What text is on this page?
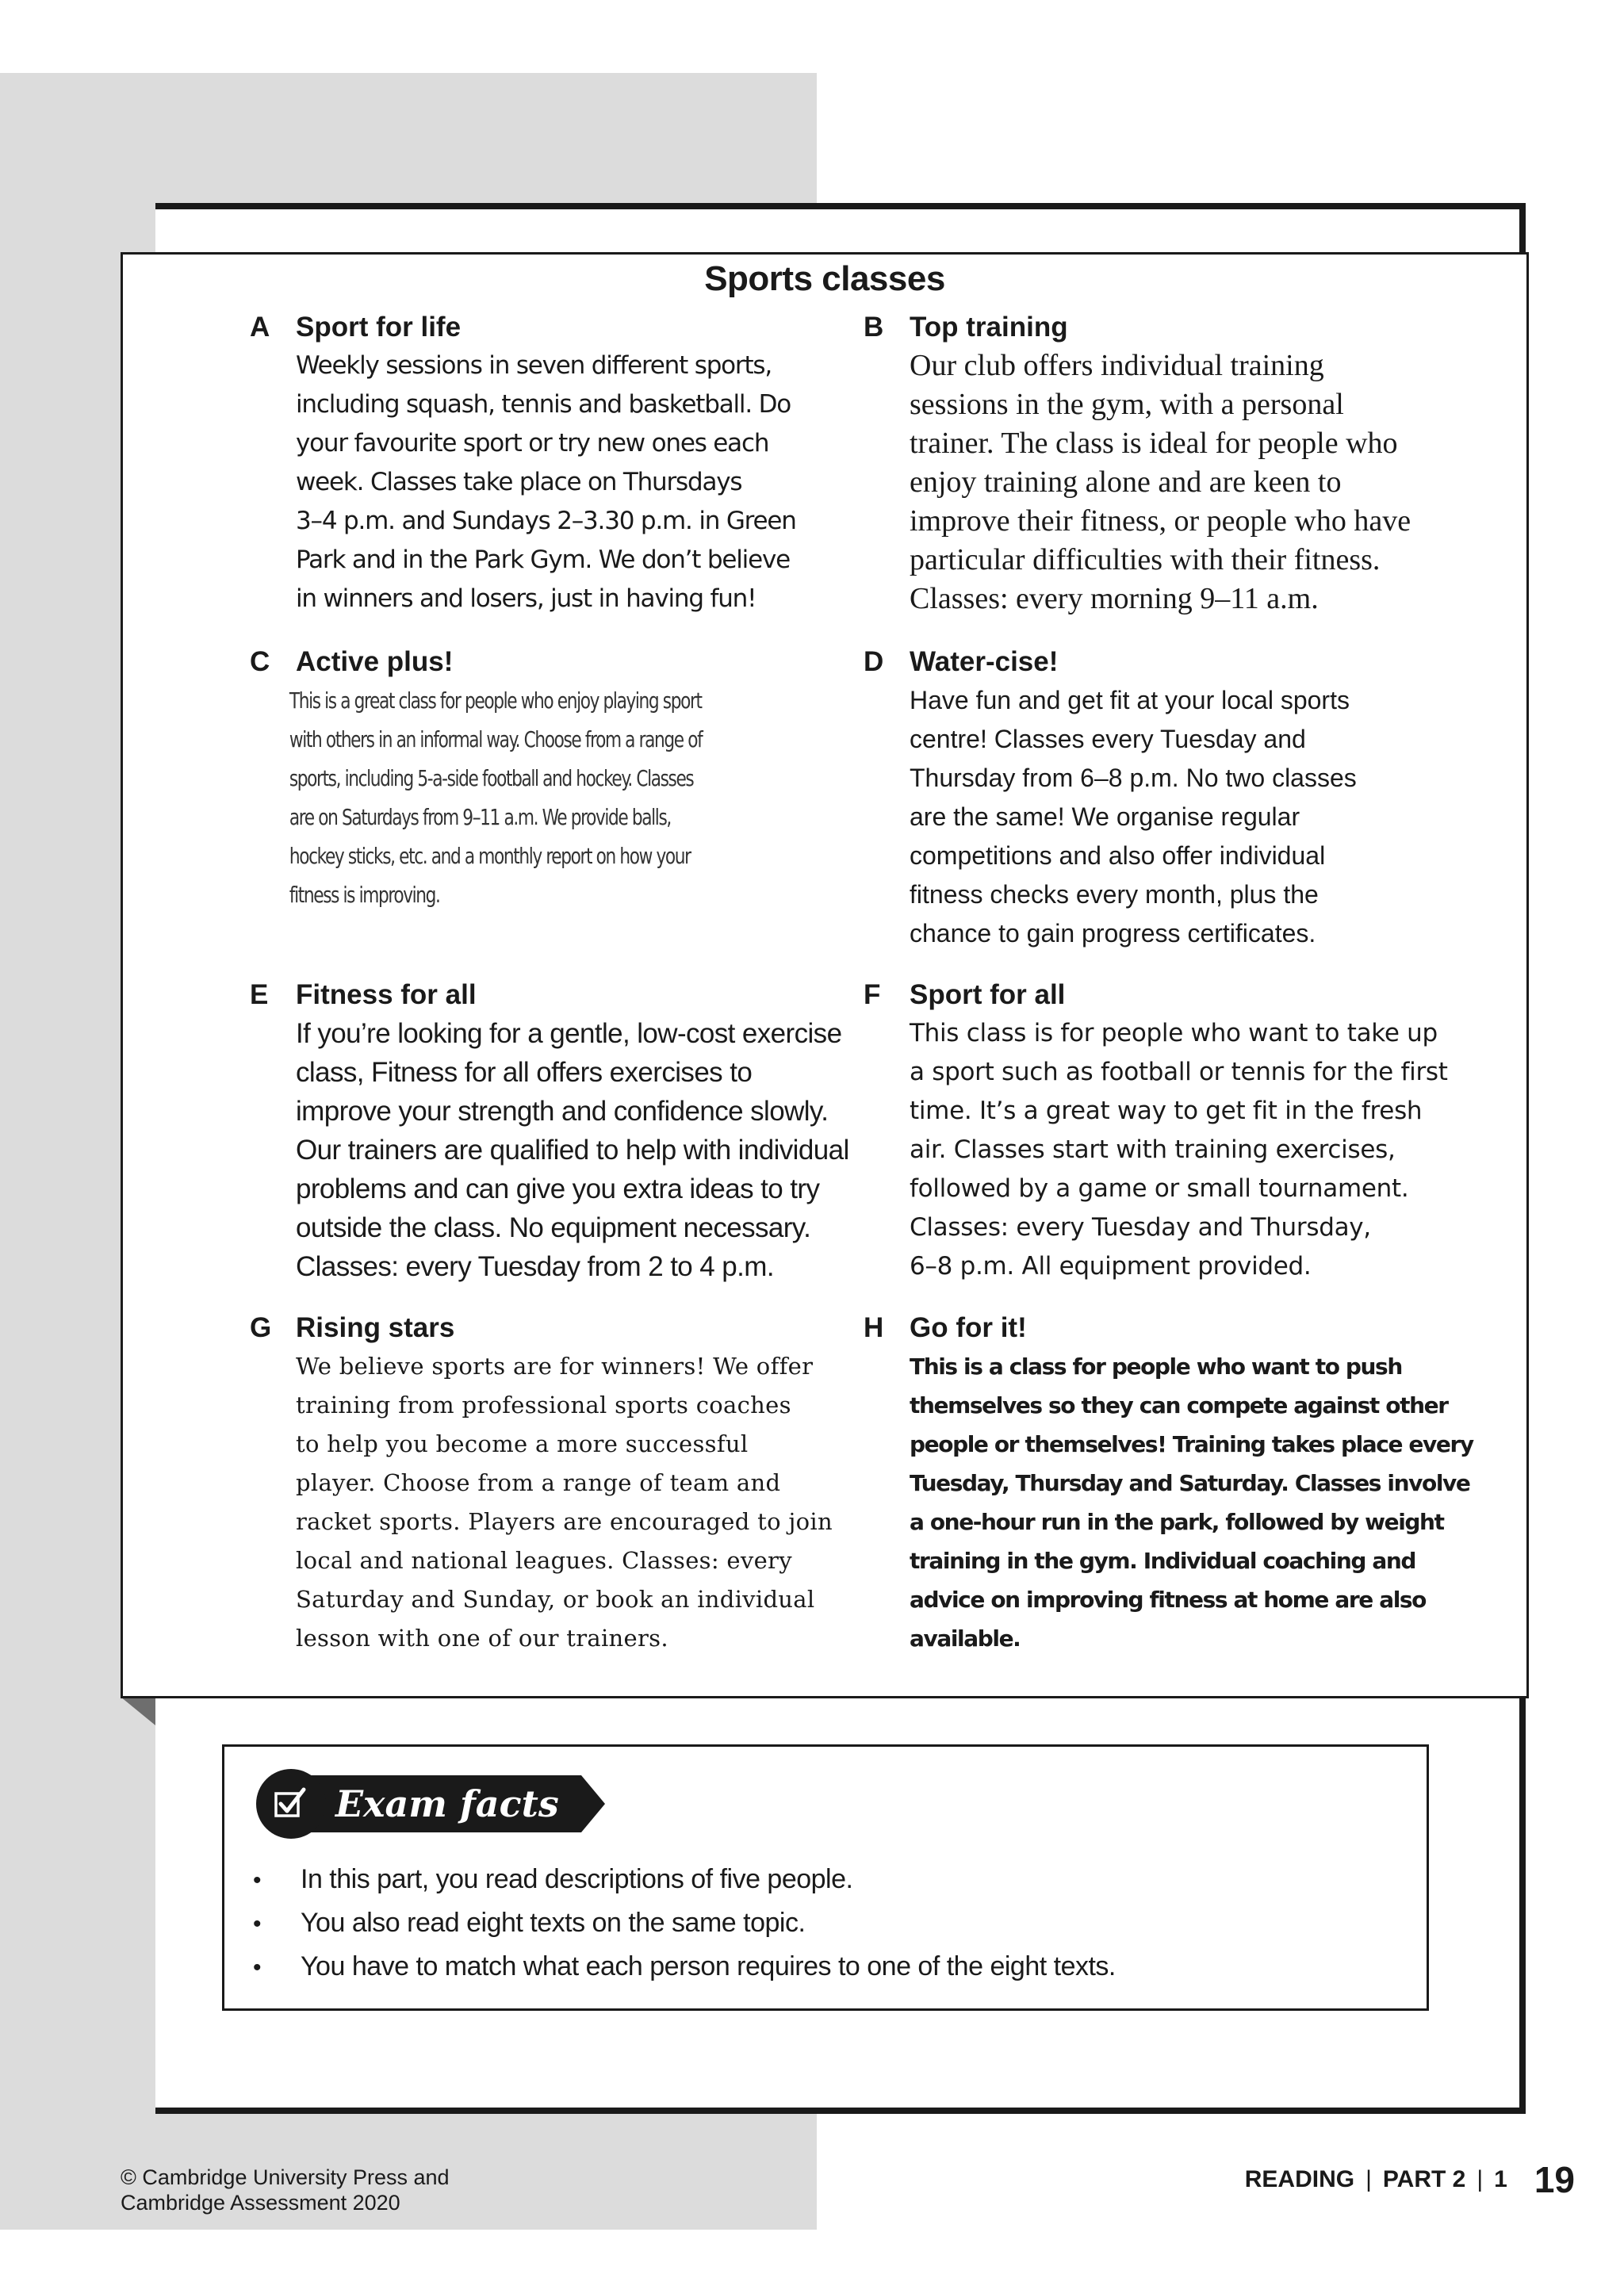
Sports classes
A Sport for life
Weekly sessions in seven different sports,
including squash, tennis and basketball. Do
your favourite sport or try new ones each
week. Classes take place on Thursdays
3–4 p.m. and Sundays 2–3.30 p.m. in Green
Park and in the Park Gym. We don’t believe
in winners and losers, just in having fun!
B Top training
Our club offers individual training
sessions in the gym, with a personal
trainer. The class is ideal for people who
enjoy training alone and are keen to
improve their fitness, or people who have
particular difficulties with their fitness.
Classes: every morning 9–11 a.m.
C Active plus!
This is a great class for people who enjoy playing sport
with others in an informal way. Choose from a range of
sports, including 5-a-side football and hockey. Classes
are on Saturdays from 9–11 a.m. We provide balls,
hockey sticks, etc. and a monthly report on how your
fitness is improving.
D Water-cise!
Have fun and get fit at your local sports
centre! Classes every Tuesday and
Thursday from 6–8 p.m. No two classes
are the same! We organise regular
competitions and also offer individual
fitness checks every month, plus the
chance to gain progress certificates.
E Fitness for all
If you’re looking for a gentle, low-cost exercise
class, Fitness for all offers exercises to
improve your strength and confidence slowly.
Our trainers are qualified to help with individual
problems and can give you extra ideas to try
outside the class. No equipment necessary.
Classes: every Tuesday from 2 to 4 p.m.
F Sport for all
This class is for people who want to take up
a sport such as football or tennis for the first
time. It’s a great way to get fit in the fresh
air. Classes start with training exercises,
followed by a game or small tournament.
Classes: every Tuesday and Thursday,
6–8 p.m. All equipment provided.
G Rising stars
We believe sports are for winners! We offer
training from professional sports coaches
to help you become a more successful
player. Choose from a range of team and
racket sports. Players are encouraged to join
local and national leagues. Classes: every
Saturday and Sunday, or book an individual
lesson with one of our trainers.
H Go for it!
This is a class for people who want to push
themselves so they can compete against other
people or themselves! Training takes place every
Tuesday, Thursday and Saturday. Classes involve
a one-hour run in the park, followed by weight
training in the gym. Individual coaching and
advice on improving fitness at home are also
available.
Exam facts
• In this part, you read descriptions of five people.
• You also read eight texts on the same topic.
• You have to match what each person requires to one of the eight texts.
© Cambridge University Press and
Cambridge Assessment 2020
READING | PART 2 | 1 19
